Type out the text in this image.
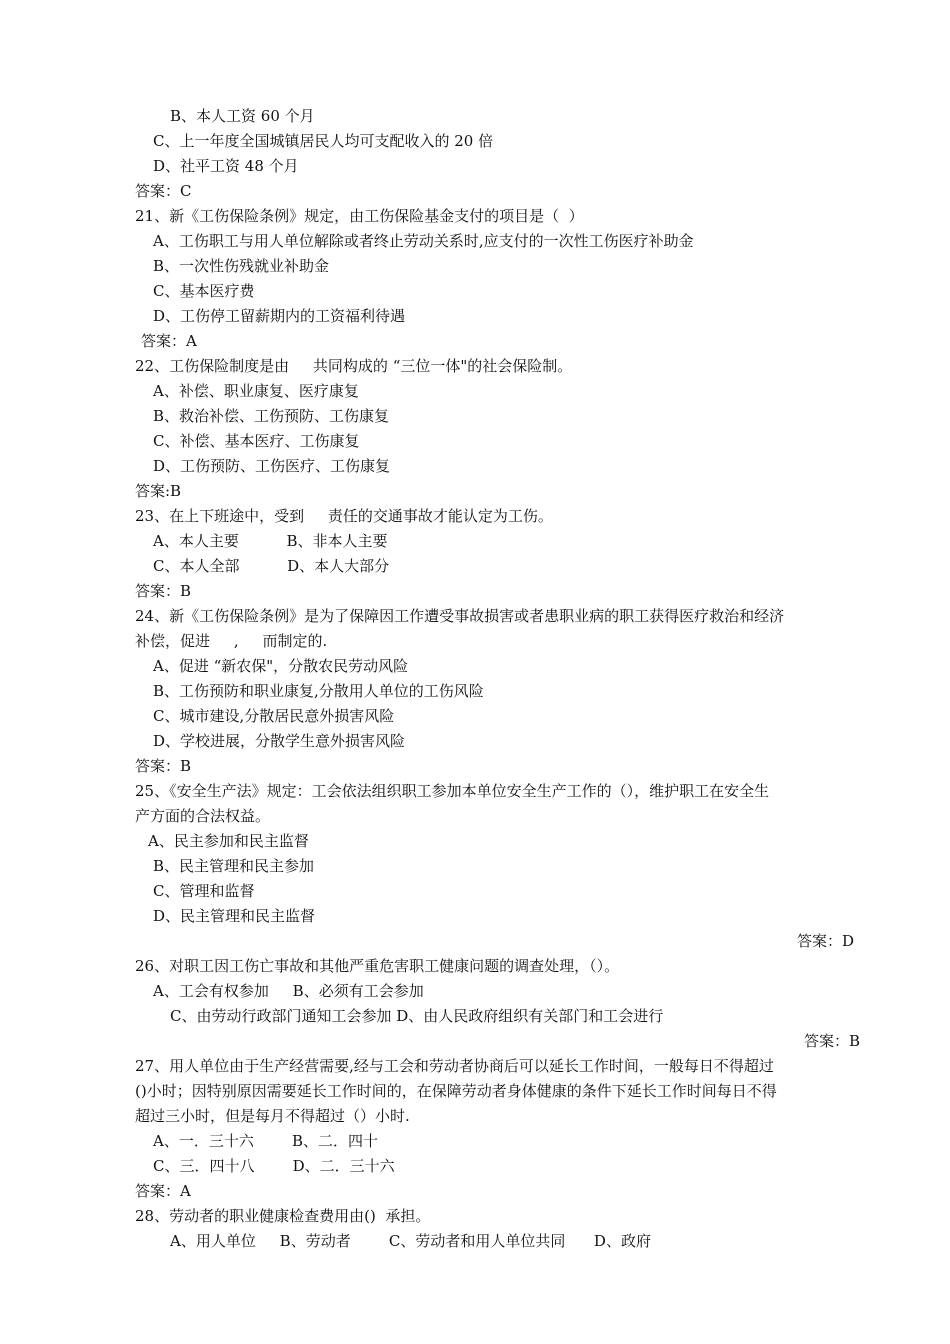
B、本人工资 60 个月
C、上一年度全国城镇居民人均可支配收入的 20 倍
D、社平工资 48 个月
答案：C
21、新《工伤保险条例》规定，由工伤保险基金支付的项目是（  ）
A、工伤职工与用人单位解除或者终止劳动关系时,应支付的一次性工伤医疗补助金
B、一次性伤残就业补助金
C、基本医疗费
D、工伤停工留薪期内的工资福利待遇
答案：A
22、工伤保险制度是由     共同构成的 “三位一体"的社会保险制。
A、补偿、职业康复、医疗康复
B、救治补偿、工伤预防、工伤康复
C、补偿、基本医疗、工伤康复
D、工伤预防、工伤医疗、工伤康复
答案:B
23、在上下班途中，受到     责任的交通事故才能认定为工伤。
A、本人主要          B、非本人主要
C、本人全部          D、本人大部分
答案：B
24、新《工伤保险条例》是为了保障因工作遭受事故损害或者患职业病的职工获得医疗救治和经济
补偿，促进     ,     而制定的.
A、促进 “新农保"，分散农民劳动风险
B、工伤预防和职业康复,分散用人单位的工伤风险
C、城市建设,分散居民意外损害风险
D、学校进展，分散学生意外损害风险
答案：B
25、《安全生产法》规定：工会依法组织职工参加本单位安全生产工作的（），维护职工在安全生
产方面的合法权益。
A、民主参加和民主监督
B、民主管理和民主参加
C、管理和监督
D、民主管理和民主监督
答案：D
26、对职工因工伤亡事故和其他严重危害职工健康问题的调查处理，（）。
A、工会有权参加     B、必须有工会参加
C、由劳动行政部门通知工会参加 D、由人民政府组织有关部门和工会进行
答案：B
27、用人单位由于生产经营需要,经与工会和劳动者协商后可以延长工作时间，一般每日不得超过
()小时；因特别原因需要延长工作时间的，在保障劳动者身体健康的条件下延长工作时间每日不得
超过三小时，但是每月不得超过（）小时.
A、一．三十六        B、二．四十
C、三．四十八        D、二．三十六
答案：A
28、劳动者的职业健康检查费用由()  承担。
A、用人单位     B、劳动者        C、劳动者和用人单位共同      D、政府
